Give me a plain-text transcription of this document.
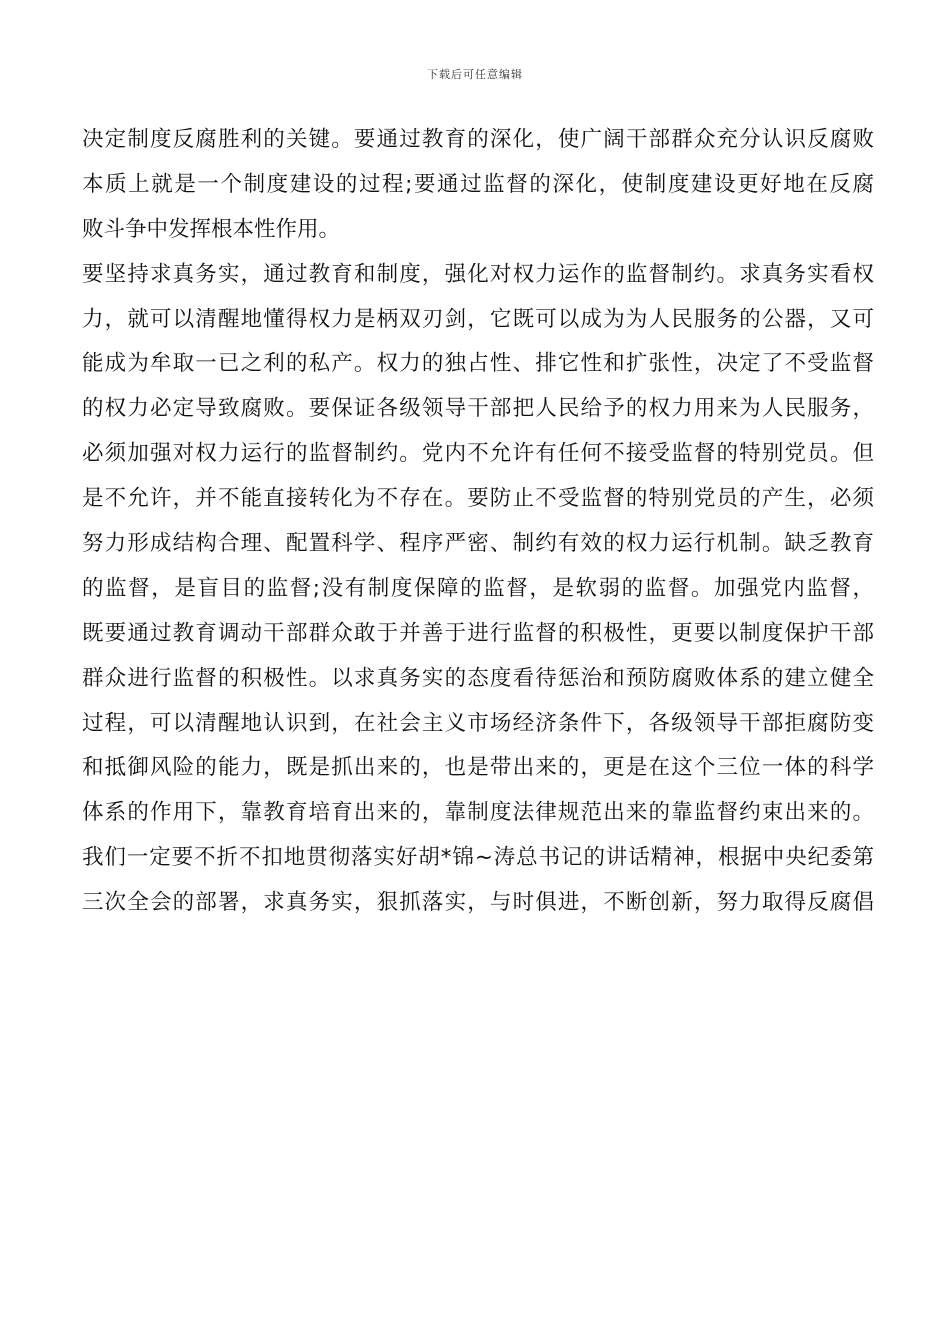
下载后可任意编辑
决定制度反腐胜利的关键。要通过教育的深化，使广阔干部群众充分认识反腐败
本质上就是一个制度建设的过程;要通过监督的深化，使制度建设更好地在反腐
败斗争中发挥根本性作用。
要坚持求真务实，通过教育和制度，强化对权力运作的监督制约。求真务实看权
力，就可以清醒地懂得权力是柄双刃剑，它既可以成为为人民服务的公器，又可
能成为牟取一已之利的私产。权力的独占性、排它性和扩张性，决定了不受监督
的权力必定导致腐败。要保证各级领导干部把人民给予的权力用来为人民服务，
必须加强对权力运行的监督制约。党内不允许有任何不接受监督的特别党员。但
是不允许，并不能直接转化为不存在。要防止不受监督的特别党员的产生，必须
努力形成结构合理、配置科学、程序严密、制约有效的权力运行机制。缺乏教育
的监督，是盲目的监督;没有制度保障的监督，是软弱的监督。加强党内监督，
既要通过教育调动干部群众敢于并善于进行监督的积极性，更要以制度保护干部
群众进行监督的积极性。以求真务实的态度看待惩治和预防腐败体系的建立健全
过程，可以清醒地认识到，在社会主义市场经济条件下，各级领导干部拒腐防变
和抵御风险的能力，既是抓出来的，也是带出来的，更是在这个三位一体的科学
体系的作用下，靠教育培育出来的，靠制度法律规范出来的靠监督约束出来的。
我们一定要不折不扣地贯彻落实好胡*锦~涛总书记的讲话精神，根据中央纪委第
三次全会的部署，求真务实，狠抓落实，与时俱进，不断创新，努力取得反腐倡
